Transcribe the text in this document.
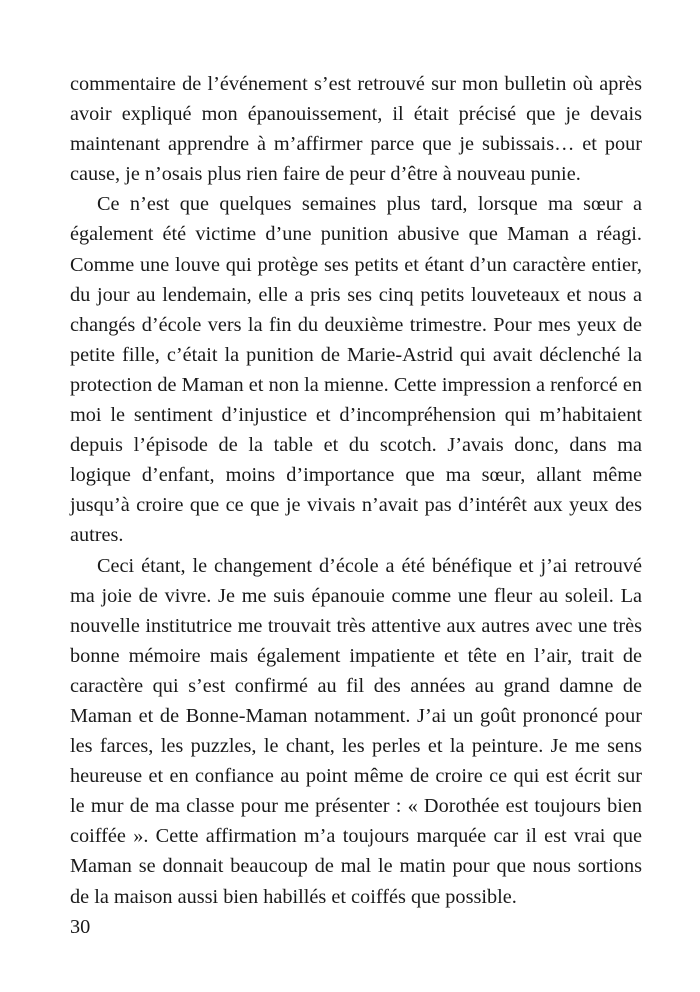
commentaire de l’événement s’est retrouvé sur mon bulletin où après avoir expliqué mon épanouissement, il était précisé que je devais maintenant apprendre à m’affirmer parce que je subissais… et pour cause, je n’osais plus rien faire de peur d’être à nouveau punie.

Ce n’est que quelques semaines plus tard, lorsque ma sœur a également été victime d’une punition abusive que Maman a réagi. Comme une louve qui protège ses petits et étant d’un caractère entier, du jour au lendemain, elle a pris ses cinq petits louveteaux et nous a changés d’école vers la fin du deuxième trimestre. Pour mes yeux de petite fille, c’était la punition de Marie-Astrid qui avait déclenché la protection de Maman et non la mienne. Cette impression a renforcé en moi le sentiment d’injustice et d’incompréhension qui m’habitaient depuis l’épisode de la table et du scotch. J’avais donc, dans ma logique d’enfant, moins d’importance que ma sœur, allant même jusqu’à croire que ce que je vivais n’avait pas d’intérêt aux yeux des autres.

Ceci étant, le changement d’école a été bénéfique et j’ai retrouvé ma joie de vivre. Je me suis épanouie comme une fleur au soleil. La nouvelle institutrice me trouvait très attentive aux autres avec une très bonne mémoire mais également impatiente et tête en l’air, trait de caractère qui s’est confirmé au fil des années au grand damne de Maman et de Bonne-Maman notamment. J’ai un goût prononcé pour les farces, les puzzles, le chant, les perles et la peinture. Je me sens heureuse et en confiance au point même de croire ce qui est écrit sur le mur de ma classe pour me présenter : « Dorothée est toujours bien coiffée ». Cette affirmation m’a toujours marquée car il est vrai que Maman se donnait beaucoup de mal le matin pour que nous sortions de la maison aussi bien habillés et coiffés que possible.

30
